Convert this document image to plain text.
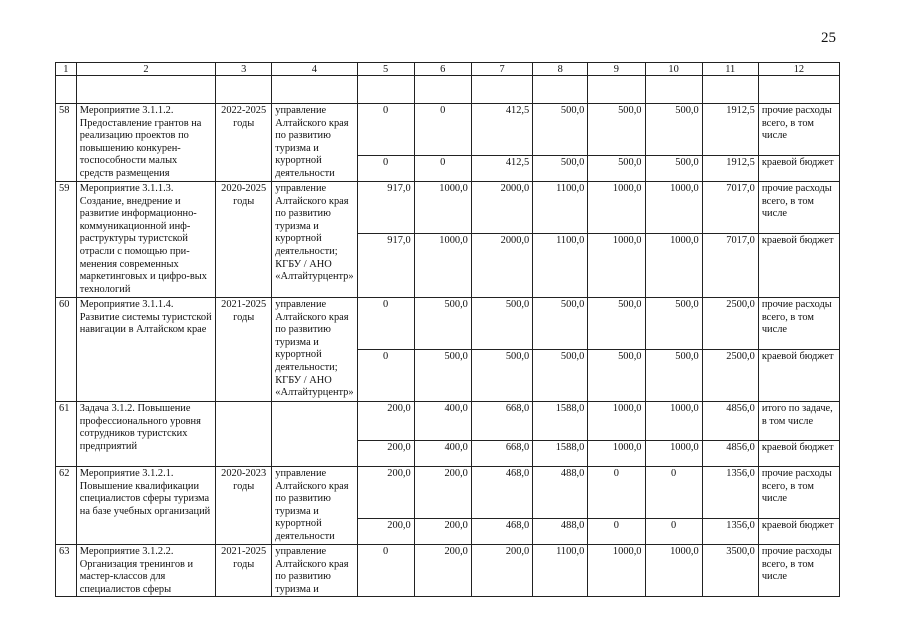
25
1	2	3	4	5	6	7	8	9	10	11	12

58	Мероприятие 3.1.1.2. Предоставление грантов на реализацию проектов по повышению конкурен-тоспособности малых средств размещения	2022-2025 годы	управление Алтайского края по развитию туризма и курортной деятельности	0	0	412,5	500,0	500,0	500,0	1912,5	прочие расходы всего, в том числе
				0	0	412,5	500,0	500,0	500,0	1912,5	краевой бюджет
59	Мероприятие 3.1.1.3. Создание, внедрение и развитие информационно-коммуникационной инф-раструктуры туристской отрасли с помощью при-менения современных маркетинговых и цифро-вых технологий	2020-2025 годы	управление Алтайского края по развитию туризма и курортной деятельности; КГБУ / АНО «Алтайтурцентр»	917,0	1000,0	2000,0	1100,0	1000,0	1000,0	7017,0	прочие расходы всего, в том числе
				917,0	1000,0	2000,0	1100,0	1000,0	1000,0	7017,0	краевой бюджет
60	Мероприятие 3.1.1.4. Развитие системы туристской навигации в Алтайском крае	2021-2025 годы	управление Алтайского края по развитию туризма и курортной деятельности; КГБУ / АНО «Алтайтурцентр»	0	500,0	500,0	500,0	500,0	500,0	2500,0	прочие расходы всего, в том числе
				0	500,0	500,0	500,0	500,0	500,0	2500,0	краевой бюджет
61	Задача 3.1.2. Повышение профессионального уровня сотрудников туристских предприятий			200,0	400,0	668,0	1588,0	1000,0	1000,0	4856,0	итого по задаче, в том числе
				200,0	400,0	668,0	1588,0	1000,0	1000,0	4856,0	краевой бюджет
62	Мероприятие 3.1.2.1. Повышение квалификации специалистов сферы туризма на базе учебных организаций	2020-2023 годы	управление Алтайского края по развитию туризма и курортной деятельности	200,0	200,0	468,0	488,0	0	0	1356,0	прочие расходы всего, в том числе
				200,0	200,0	468,0	488,0	0	0	1356,0	краевой бюджет
63	Мероприятие 3.1.2.2. Организация тренингов и мастер-классов для специалистов сферы	2021-2025 годы	управление Алтайского края по развитию туризма и	0	200,0	200,0	1100,0	1000,0	1000,0	3500,0	прочие расходы всего, в том числе
